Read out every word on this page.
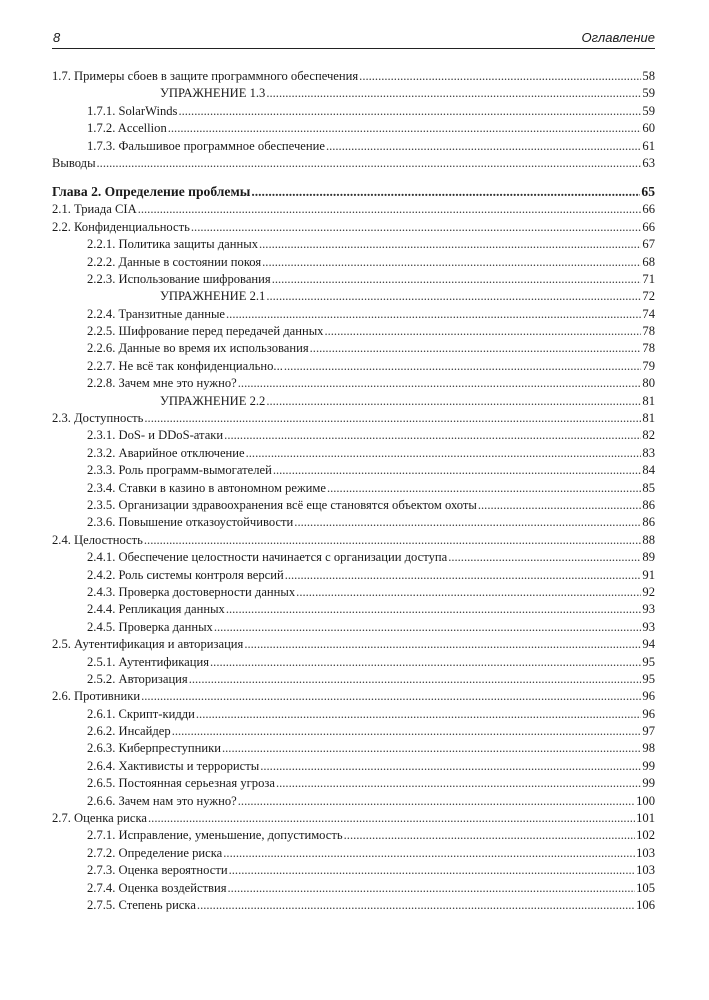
8	Оглавление
1.7. Примеры сбоев в защите программного обеспечения .....	58
УПРАЖНЕНИЕ 1.3 .....	59
1.7.1. SolarWinds .....	59
1.7.2. Accellion .....	60
1.7.3. Фальшивое программное обеспечение .....	61
Выводы .....	63
Глава 2. Определение проблемы .....	65
2.1. Триада CIA .....	66
2.2. Конфиденциальность .....	66
2.2.1. Политика защиты данных .....	67
2.2.2. Данные в состоянии покоя .....	68
2.2.3. Использование шифрования .....	71
УПРАЖНЕНИЕ 2.1 .....	72
2.2.4. Транзитные данные .....	74
2.2.5. Шифрование перед передачей данных .....	78
2.2.6. Данные во время их использования .....	78
2.2.7. Не всё так конфиденциально... .....	79
2.2.8. Зачем мне это нужно? .....	80
УПРАЖНЕНИЕ 2.2 .....	81
2.3. Доступность .....	81
2.3.1. DoS- и DDoS-атаки .....	82
2.3.2. Аварийное отключение .....	83
2.3.3. Роль программ-вымогателей .....	84
2.3.4. Ставки в казино в автономном режиме .....	85
2.3.5. Организации здравоохранения всё еще становятся объектом охоты .....	86
2.3.6. Повышение отказоустойчивости .....	86
2.4. Целостность .....	88
2.4.1. Обеспечение целостности начинается с организации доступа .....	89
2.4.2. Роль системы контроля версий .....	91
2.4.3. Проверка достоверности данных .....	92
2.4.4. Репликация данных .....	93
2.4.5. Проверка данных .....	93
2.5. Аутентификация и авторизация .....	94
2.5.1. Аутентификация .....	95
2.5.2. Авторизация .....	95
2.6. Противники .....	96
2.6.1. Скрипт-кидди .....	96
2.6.2. Инсайдер .....	97
2.6.3. Киберпреступники .....	98
2.6.4. Хактивисты и террористы .....	99
2.6.5. Постоянная серьезная угроза .....	99
2.6.6. Зачем нам это нужно? .....	100
2.7. Оценка риска .....	101
2.7.1. Исправление, уменьшение, допустимость .....	102
2.7.2. Определение риска .....	103
2.7.3. Оценка вероятности .....	103
2.7.4. Оценка воздействия .....	105
2.7.5. Степень риска .....	106
